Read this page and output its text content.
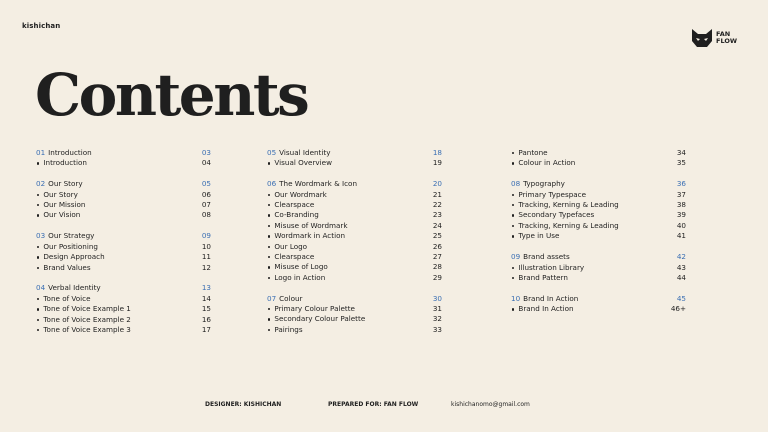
kishichan
FAN
FLOW
Contents
01 Introduction	03
Introduction	04
02 Our Story	05
Our Story	06
Our Mission	07
Our Vision	08
03 Our Strategy	09
Our Positioning	10
Design Approach	11
Brand Values	12
04 Verbal Identity	13
Tone of Voice	14
Tone of Voice Example 1	15
Tone of Voice Example 2	16
Tone of Voice Example 3	17
05 Visual Identity	18
Visual Overview	19
06 The Wordmark & Icon	20
Our Wordmark	21
Clearspace	22
Co-Branding	23
Misuse of Wordmark	24
Wordmark in Action	25
Our Logo	26
Clearspace	27
Misuse of Logo	28
Logo in Action	29
07 Colour	30
Primary Colour Palette	31
Secondary Colour Palette	32
Pairings	33
Pantone	34
Colour in Action	35
08 Typography	36
Primary Typespace	37
Tracking, Kerning & Leading	38
Secondary Typefaces	39
Tracking, Kerning & Leading	40
Type in Use	41
09 Brand assets	42
Illustration Library	43
Brand Pattern	44
10 Brand In Action	45
Brand In Action	46+
DESIGNER: KISHICHAN	PREPARED FOR: FAN FLOW	kishichanomo@gmail.com
